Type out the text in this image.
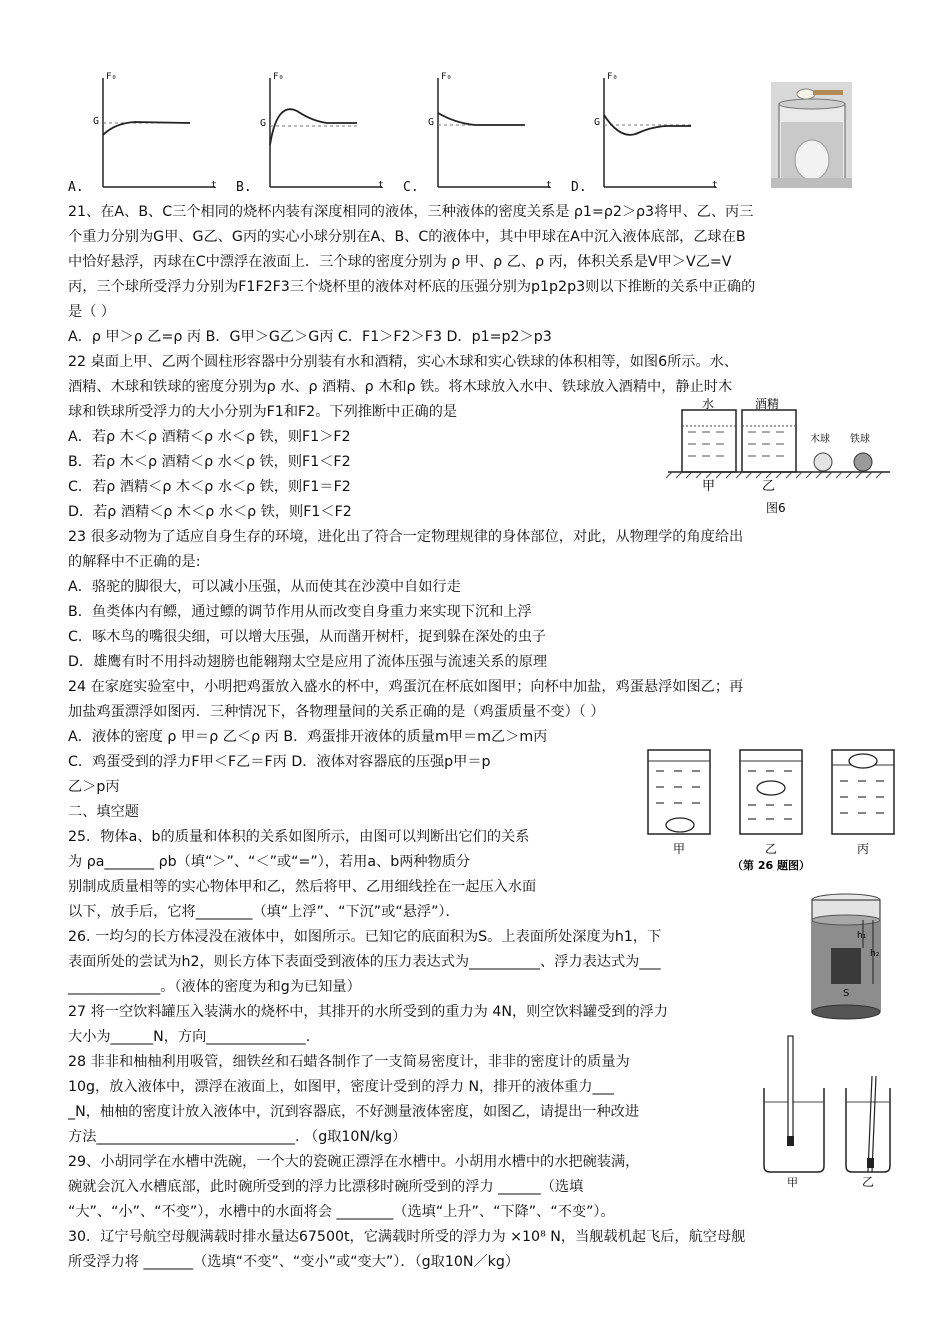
F₀	F₀	F₀	F₀
G	G	G	G
t	t	t	t
A.	B.	C.	D.
21、在A、B、C三个相同的烧杯内装有深度相同的液体，三种液体的密度关系是 ρ1=ρ2＞ρ3将甲、乙、丙三
个重力分别为G甲、G乙、G丙的实心小球分别在A、B、C的液体中，其中甲球在A中沉入液体底部，乙球在B
中恰好悬浮，丙球在C中漂浮在液面上．三个球的密度分别为 ρ 甲、ρ 乙、ρ 丙，体积关系是V甲＞V乙=V
丙，三个球所受浮力分别为F1F2F3三个烧杯里的液体对杯底的压强分别为p1p2p3则以下推断的关系中正确的
是（ ）
A．ρ 甲＞ρ 乙=ρ 丙 B．G甲＞G乙＞G丙 C．F1＞F2＞F3 D．p1=p2＞p3
22 桌面上甲、乙两个圆柱形容器中分别装有水和酒精，实心木球和实心铁球的体积相等，如图6所示。水、
酒精、木球和铁球的密度分别为ρ 水、ρ 酒精、ρ 木和ρ 铁。将木球放入水中、铁球放入酒精中，静止时木
球和铁球所受浮力的大小分别为F1和F2。下列推断中正确的是
A．若ρ 木＜ρ 酒精＜ρ 水＜ρ 铁，则F1＞F2
B．若ρ 木＜ρ 酒精＜ρ 水＜ρ 铁，则F1＜F2
C．若ρ 酒精＜ρ 木＜ρ 水＜ρ 铁，则F1＝F2
D．若ρ 酒精＜ρ 木＜ρ 水＜ρ 铁，则F1＜F2
水	酒精
木球 铁球
甲	乙
图6
23 很多动物为了适应自身生存的环境，进化出了符合一定物理规律的身体部位，对此，从物理学的角度给出
的解释中不正确的是:
A．骆驼的脚很大，可以减小压强，从而使其在沙漠中自如行走
B．鱼类体内有鳔，通过鳔的调节作用从而改变自身重力来实现下沉和上浮
C．啄木鸟的嘴很尖细，可以增大压强，从而凿开树杆，捉到躲在深处的虫子
D．雄鹰有时不用抖动翅膀也能翱翔太空是应用了流体压强与流速关系的原理
24 在家庭实验室中，小明把鸡蛋放入盛水的杯中，鸡蛋沉在杯底如图甲；向杯中加盐，鸡蛋悬浮如图乙；再
加盐鸡蛋漂浮如图丙．三种情况下，各物理量间的关系正确的是（鸡蛋质量不变）（ ）
A．液体的密度 ρ 甲＝ρ 乙＜ρ 丙 B．鸡蛋排开液体的质量m甲＝m乙＞m丙
C．鸡蛋受到的浮力F甲＜F乙＝F丙 D．液体对容器底的压强p甲＝p
乙＞p丙
二、填空题
甲	乙	丙
（第 26 题图）
25．物体a、b的质量和体积的关系如图所示，由图可以判断出它们的关系
为 ρa_______ ρb（填“＞”、“＜”或“=”），若用a、b两种物质分
别制成质量相等的实心物体甲和乙，然后将甲、乙用细线拴在一起压入水面
以下，放手后，它将________（填“上浮”、“下沉”或“悬浮”）．
h₁
h₂
S
26. 一均匀的长方体浸没在液体中，如图所示。已知它的底面积为S。上表面所处深度为h1，下
表面所处的尝试为h2，则长方体下表面受到液体的压力表达式为__________、浮力表达式为___
_____________。（液体的密度为和g为已知量）
27 将一空饮料罐压入装满水的烧杯中，其排开的水所受到的重力为 4N，则空饮料罐受到的浮力
大小为______N，方向______________.
28 非非和柚柚利用吸管，细铁丝和石蜡各制作了一支简易密度计，非非的密度计的质量为
10g，放入液体中，漂浮在液面上，如图甲，密度计受到的浮力 N，排开的液体重力___
_N，柚柚的密度计放入液体中，沉到容器底，不好测量液体密度，如图乙，请提出一种改进
方法____________________________. （g取10N/kg）
甲	乙
29、小胡同学在水槽中洗碗，一个大的瓷碗正漂浮在水槽中。小胡用水槽中的水把碗装满，
碗就会沉入水槽底部，此时碗所受到的浮力比漂移时碗所受到的浮力 ______（选填
“大”、“小”、“不变”），水槽中的水面将会 ________（选填“上升”、“下降”、“不变”）。
30．辽宁号航空母舰满载时排水量达67500t，它满载时所受的浮力为 ×10⁸ N，当舰载机起飞后，航空母舰
所受浮力将 _______（选填“不变”、“变小”或“变大”）．（g取10N／kg）
